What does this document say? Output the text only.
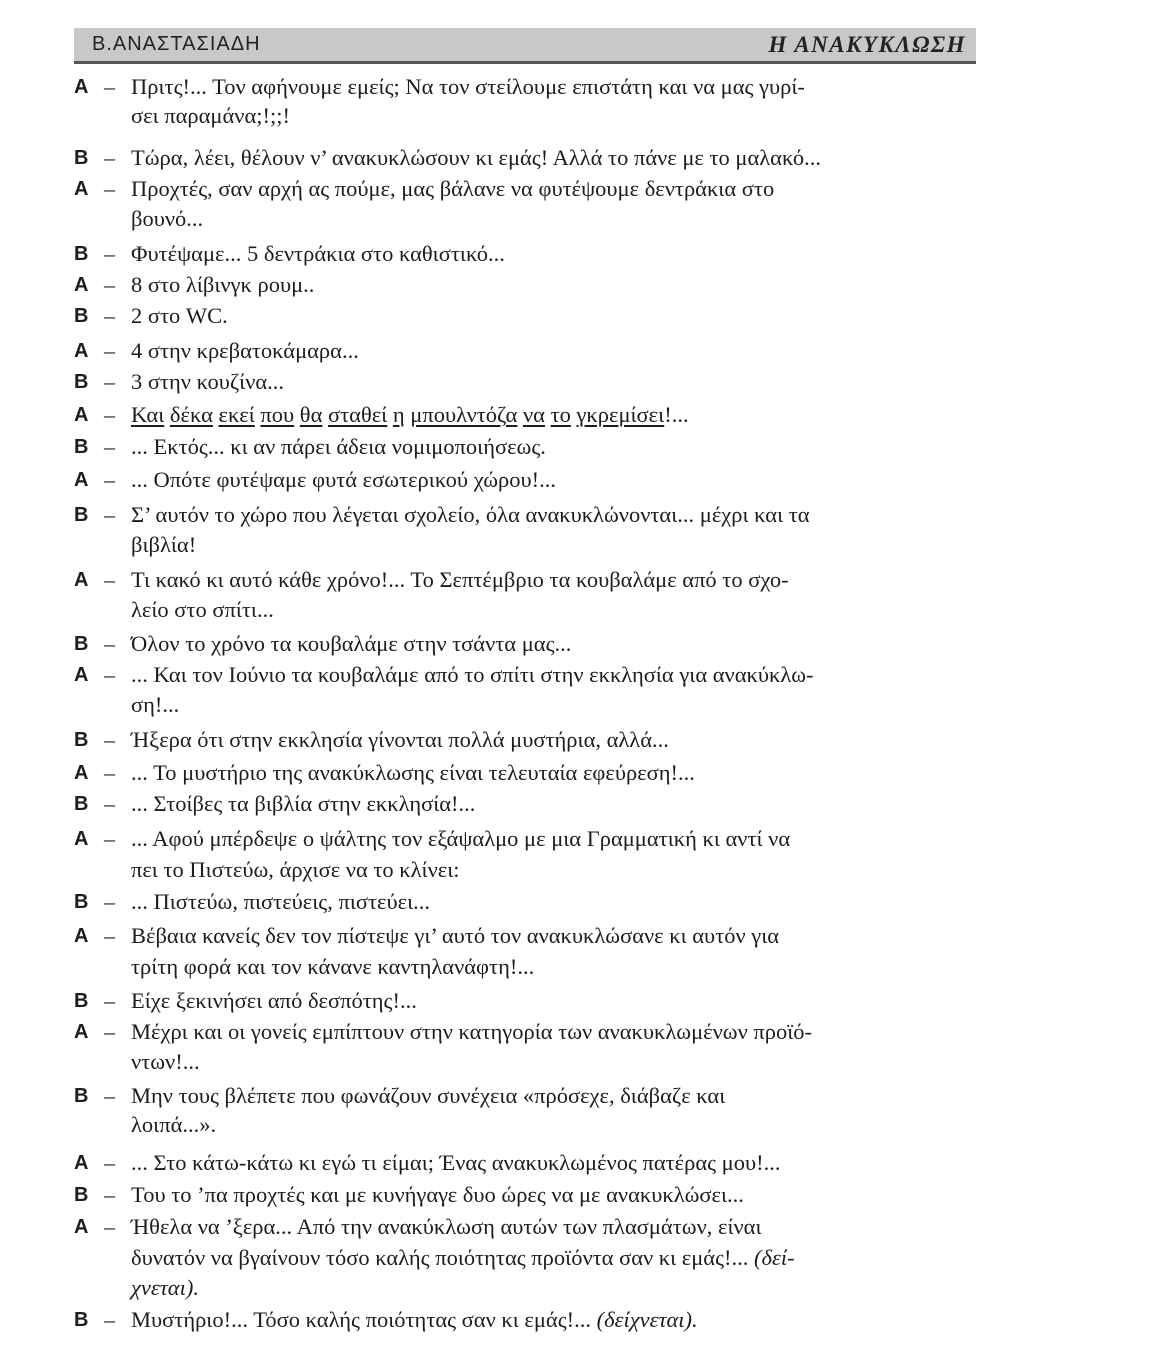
Β.ΑΝΑΣΤΑΣΙΑΔΗ	Η ΑΝΑΚΥΚΛΩΣΗ
A – Πριτς!... Τον αφήνουμε εμείς; Να τον στείλουμε επιστάτη και να μας γυρί-
σει παραμάνα;!;;!
B – Τώρα, λέει, θέλουν ν’ ανακυκλώσουν κι εμάς! Αλλά το πάνε με το μαλακό...
A – Προχτές, σαν αρχή ας πούμε, μας βάλανε να φυτέψουμε δεντράκια στο
βουνό...
B – Φυτέψαμε... 5 δεντράκια στο καθιστικό...
A – 8 στο λίβινγκ ρουμ..
B – 2 στο WC.
A – 4 στην κρεβατοκάμαρα...
B – 3 στην κουζίνα...
A – Και δέκα εκεί που θα σταθεί η μπουλντόζα να το γκρεμίσει!...
B – ... Εκτός... κι αν πάρει άδεια νομιμοποιήσεως.
A – ... Οπότε φυτέψαμε φυτά εσωτερικού χώρου!...
B – Σ’ αυτόν το χώρο που λέγεται σχολείο, όλα ανακυκλώνονται... μέχρι και τα
βιβλία!
A – Τι κακό κι αυτό κάθε χρόνο!... Το Σεπτέμβριο τα κουβαλάμε από το σχο-
λείο στο σπίτι...
B – Όλον το χρόνο τα κουβαλάμε στην τσάντα μας...
A – ... Και τον Ιούνιο τα κουβαλάμε από το σπίτι στην εκκλησία για ανακύκλω-
ση!...
B – Ήξερα ότι στην εκκλησία γίνονται πολλά μυστήρια, αλλά...
A – ... Το μυστήριο της ανακύκλωσης είναι τελευταία εφεύρεση!...
B – ... Στοίβες τα βιβλία στην εκκλησία!...
A – ... Αφού μπέρδεψε ο ψάλτης τον εξάψαλμο με μια Γραμματική κι αντί να
πει το Πιστεύω, άρχισε να το κλίνει:
B – ... Πιστεύω, πιστεύεις, πιστεύει...
A – Βέβαια κανείς δεν τον πίστεψε γι’ αυτό τον ανακυκλώσανε κι αυτόν για
τρίτη φορά και τον κάνανε καντηλανάφτη!...
B – Είχε ξεκινήσει από δεσπότης!...
A – Μέχρι και οι γονείς εμπίπτουν στην κατηγορία των ανακυκλωμένων προϊό-
ντων!...
B – Μην τους βλέπετε που φωνάζουν συνέχεια «πρόσεχε, διάβαζε και
λοιπά...».
A – ... Στο κάτω-κάτω κι εγώ τι είμαι; Ένας ανακυκλωμένος πατέρας μου!...
B – Του το ’πα προχτές και με κυνήγαγε δυο ώρες να με ανακυκλώσει...
A – Ήθελα να ’ξερα... Από την ανακύκλωση αυτών των πλασμάτων, είναι
δυνατόν να βγαίνουν τόσο καλής ποιότητας προϊόντα σαν κι εμάς!... (δεί-
χνεται).
B – Μυστήριο!... Τόσο καλής ποιότητας σαν κι εμάς!... (δείχνεται).
